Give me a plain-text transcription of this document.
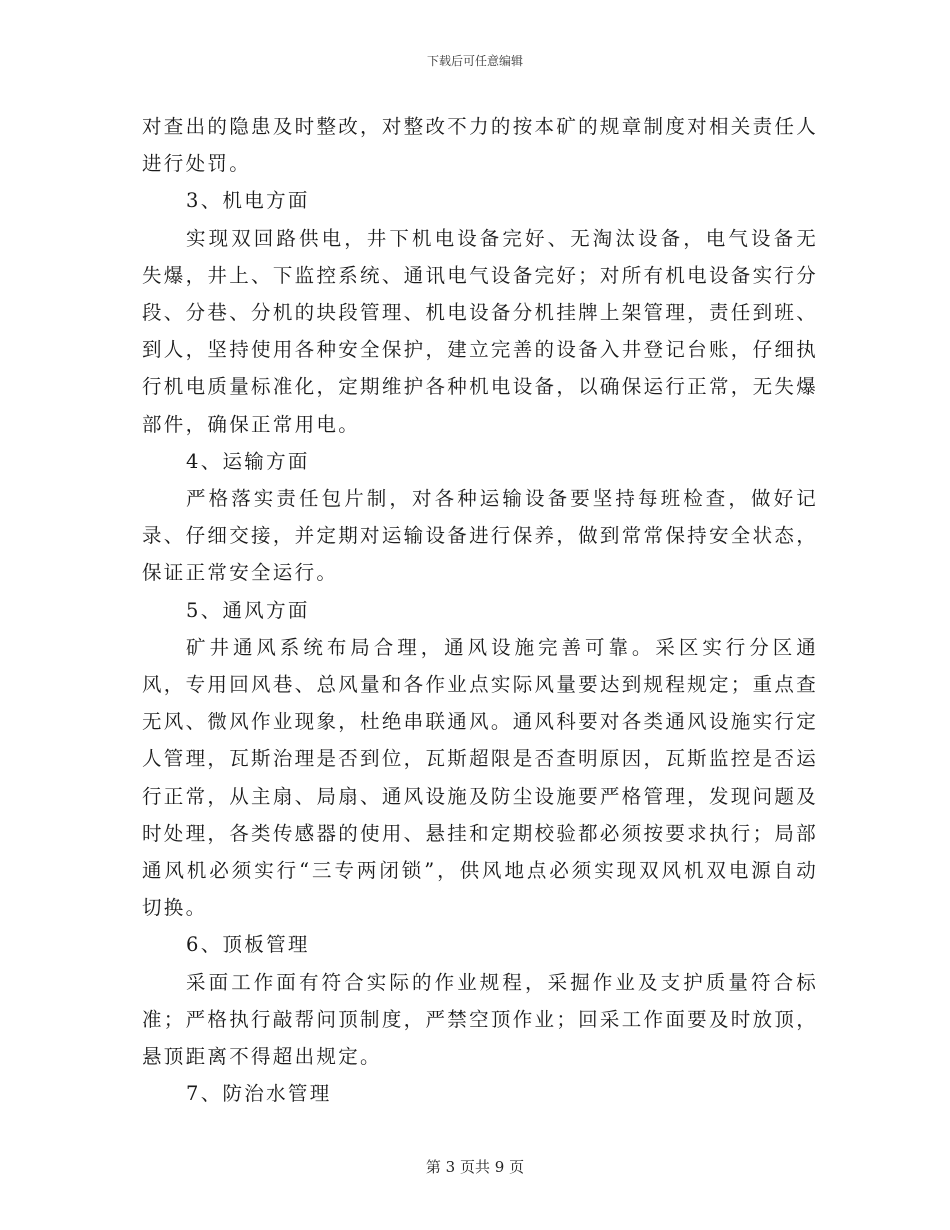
下载后可任意编辑

对查出的隐患及时整改，对整改不力的按本矿的规章制度对相关责任人进行处罚。

3、机电方面

实现双回路供电，井下机电设备完好、无淘汰设备，电气设备无失爆，井上、下监控系统、通讯电气设备完好；对所有机电设备实行分段、分巷、分机的块段管理、机电设备分机挂牌上架管理，责任到班、到人，坚持使用各种安全保护，建立完善的设备入井登记台账，仔细执行机电质量标准化，定期维护各种机电设备，以确保运行正常，无失爆部件，确保正常用电。

4、运输方面

严格落实责任包片制，对各种运输设备要坚持每班检查，做好记录、仔细交接，并定期对运输设备进行保养，做到常常保持安全状态，保证正常安全运行。

5、通风方面

矿井通风系统布局合理，通风设施完善可靠。采区实行分区通风，专用回风巷、总风量和各作业点实际风量要达到规程规定；重点查无风、微风作业现象，杜绝串联通风。通风科要对各类通风设施实行定人管理，瓦斯治理是否到位，瓦斯超限是否查明原因，瓦斯监控是否运行正常，从主扇、局扇、通风设施及防尘设施要严格管理，发现问题及时处理，各类传感器的使用、悬挂和定期校验都必须按要求执行；局部通风机必须实行“三专两闭锁”，供风地点必须实现双风机双电源自动切换。

6、顶板管理

采面工作面有符合实际的作业规程，采掘作业及支护质量符合标准；严格执行敲帮问顶制度，严禁空顶作业；回采工作面要及时放顶，悬顶距离不得超出规定。

7、防治水管理

第 3 页共 9 页
